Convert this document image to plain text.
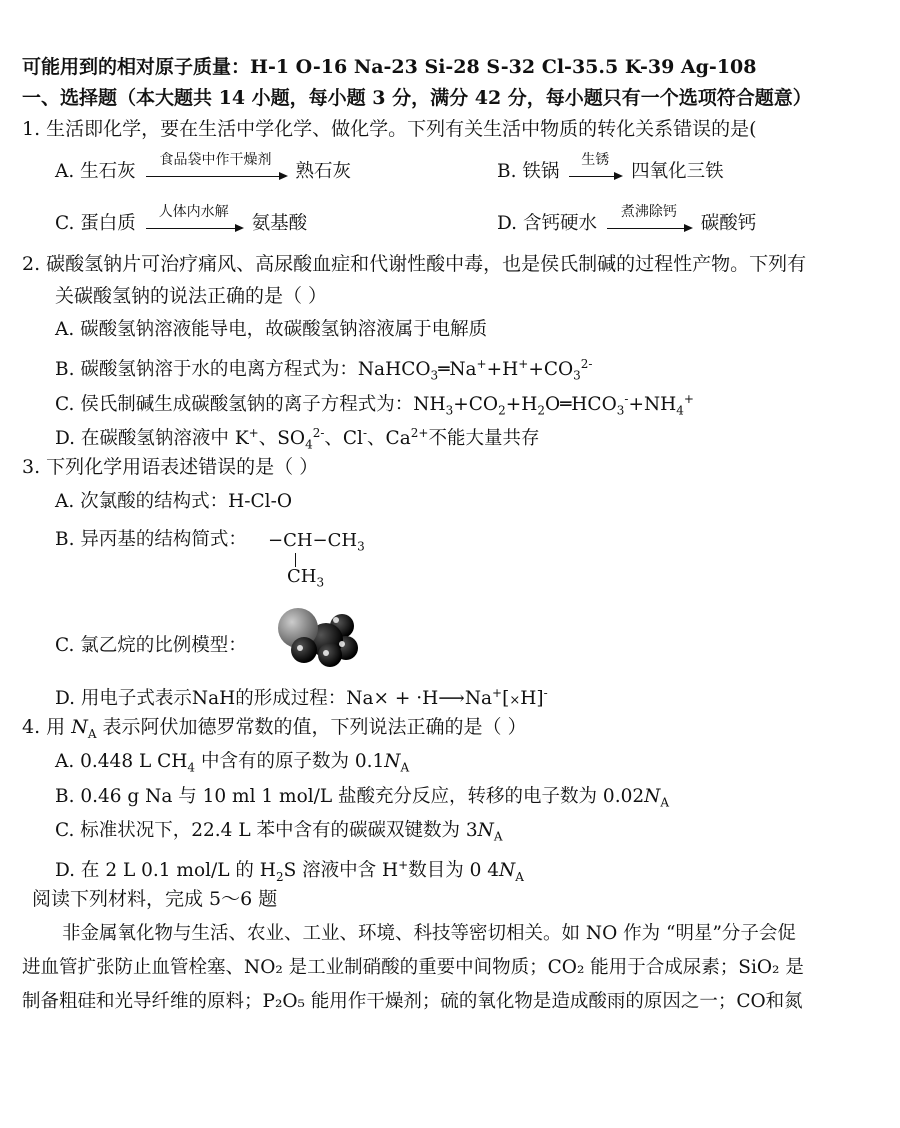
可能用到的相对原子质量：H-1 O-16 Na-23 Si-28 S-32 Cl-35.5 K-39 Ag-108
一、选择题（本大题共 14 小题，每小题 3 分，满分 42 分，每小题只有一个选项符合题意）
1. 生活即化学，要在生活中学化学、做化学。下列有关生活中物质的转化关系错误的是(
A. 生石灰
食品袋中作干燥剂
熟石灰	B. 铁锅
生锈
四氧化三铁
C. 蛋白质
人体内水解
氨基酸	D. 含钙硬水
煮沸除钙
碳酸钙
2. 碳酸氢钠片可治疗痛风、高尿酸血症和代谢性酸中毒，也是侯氏制碱的过程性产物。下列有
关碳酸氢钠的说法正确的是（ ）
A. 碳酸氢钠溶液能导电，故碳酸氢钠溶液属于电解质
B. 碳酸氢钠溶于水的电离方程式为：$NaHCO_3═Na^++H^++CO_3^{2-}$
C. 侯氏制碱生成碳酸氢钠的离子方程式为：$NH_3+CO_2+H_2O═HCO_3^-+NH_4^+$
D. 在碳酸氢钠溶液中 K+、$SO_4^{2-}$、Cl-、$Ca^{2+}$不能大量共存
3. 下列化学用语表述错误的是（ ）
A. 次氯酸的结构式：H-Cl-O
B. 异丙基的结构简式： $-CH-CH_3$
$CH_3$
C. 氯乙烷的比例模型：
D. 用电子式表示NaH的形成过程：Na× + ·H⟶Na+[×H]-
4. 用 $N_A$ 表示阿伏加德罗常数的值，下列说法正确的是（ ）
A. 0.448 L $CH_4$ 中含有的原子数为 $0.1N_A$
B. 0.46 g Na 与 10 ml 1 mol/L 盐酸充分反应，转移的电子数为 $0.02N_A$
C. 标准状况下，22.4 L 苯中含有的碳碳双键数为 $3N_A$
D. 在 2 L 0.1 mol/L 的 $H_2S$ 溶液中含 H+数目为 0 $4N_A$
阅读下列材料，完成 5～6 题
非金属氧化物与生活、农业、工业、环境、科技等密切相关。如 NO 作为 “明星”分子会促
进血管扩张防止血管栓塞、NO₂ 是工业制硝酸的重要中间物质；CO₂ 能用于合成尿素；SiO₂ 是
制备粗硅和光导纤维的原料；P₂O₅ 能用作干燥剂；硫的氧化物是造成酸雨的原因之一；CO和氮
